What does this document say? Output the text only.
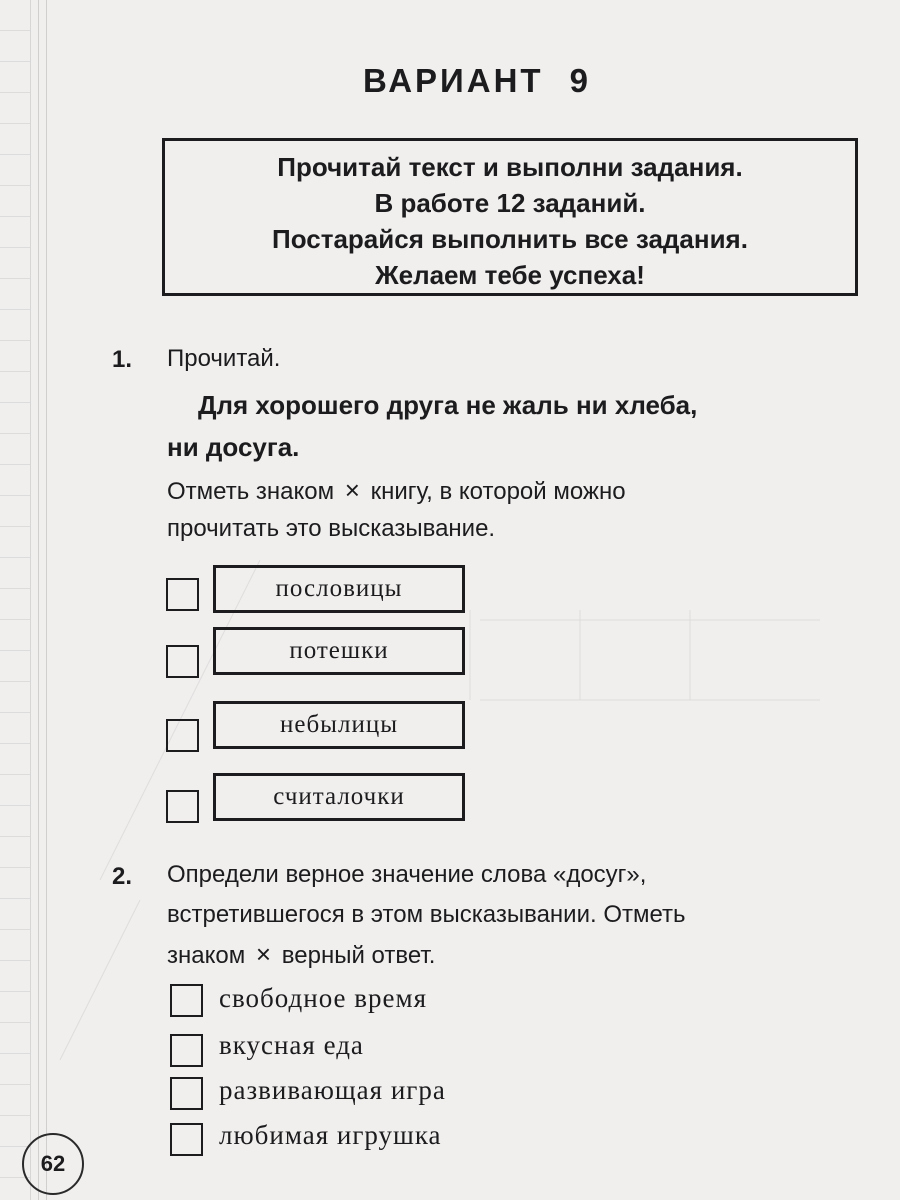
ВАРИАНТ 9
Прочитай текст и выполни задания.
В работе 12 заданий.
Постарайся выполнить все задания.
Желаем тебе успеха!
1. Прочитай.
Для хорошего друга не жаль ни хлеба,
ни досуга.
Отметь знаком × книгу, в которой можно
прочитать это высказывание.
пословицы
потешки
небылицы
считалочки
2. Определи верное значение слова «досуг»,
встретившегося в этом высказывании. Отметь
знаком × верный ответ.
свободное время
вкусная еда
развивающая игра
любимая игрушка
62
